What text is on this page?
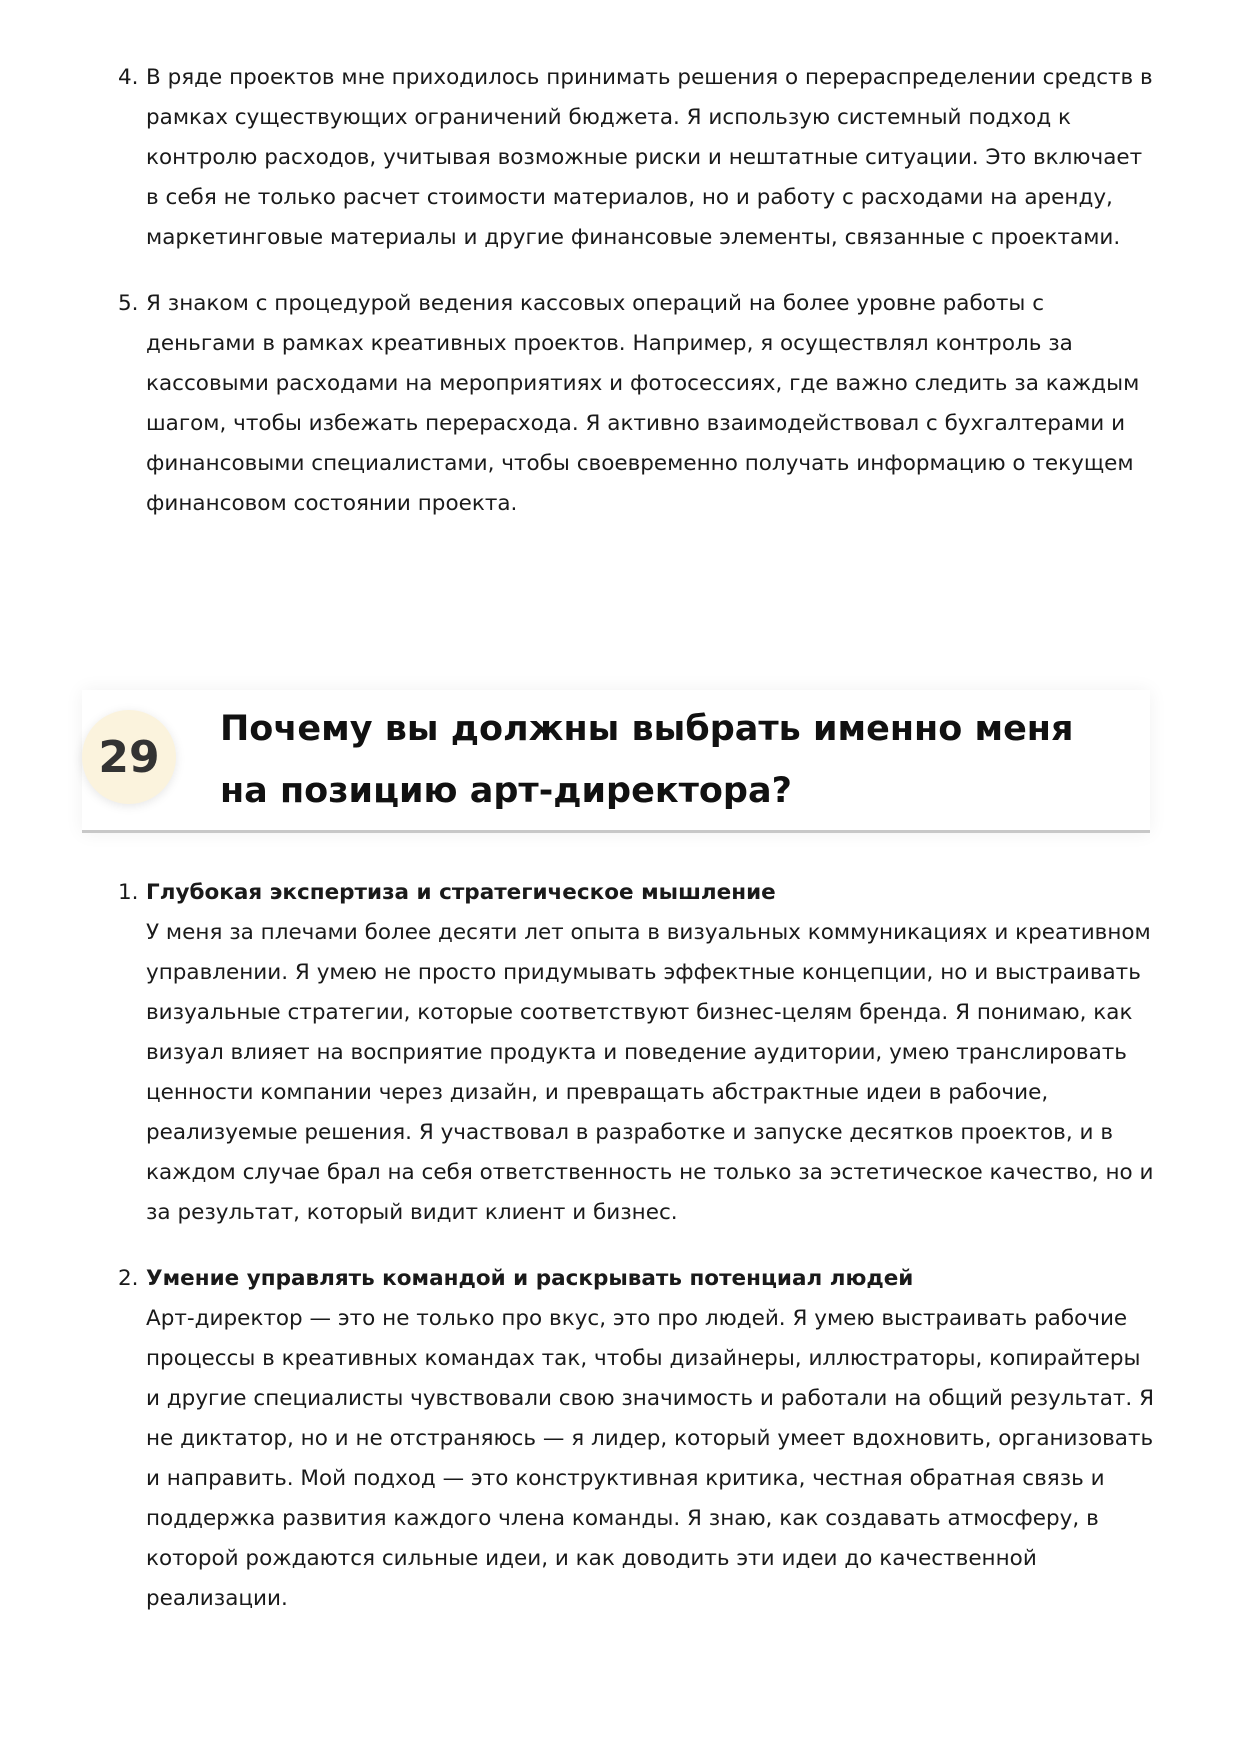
4. В ряде проектов мне приходилось принимать решения о перераспределении средств в рамках существующих ограничений бюджета. Я использую системный подход к контролю расходов, учитывая возможные риски и нештатные ситуации. Это включает в себя не только расчет стоимости материалов, но и работу с расходами на аренду, маркетинговые материалы и другие финансовые элементы, связанные с проектами.
5. Я знаком с процедурой ведения кассовых операций на более уровне работы с деньгами в рамках креативных проектов. Например, я осуществлял контроль за кассовыми расходами на мероприятиях и фотосессиях, где важно следить за каждым шагом, чтобы избежать перерасхода. Я активно взаимодействовал с бухгалтерами и финансовыми специалистами, чтобы своевременно получать информацию о текущем финансовом состоянии проекта.
29
Почему вы должны выбрать именно меня на позицию арт-директора?
1. Глубокая экспертиза и стратегическое мышление
У меня за плечами более десяти лет опыта в визуальных коммуникациях и креативном управлении. Я умею не просто придумывать эффектные концепции, но и выстраивать визуальные стратегии, которые соответствуют бизнес-целям бренда. Я понимаю, как визуал влияет на восприятие продукта и поведение аудитории, умею транслировать ценности компании через дизайн, и превращать абстрактные идеи в рабочие, реализуемые решения. Я участвовал в разработке и запуске десятков проектов, и в каждом случае брал на себя ответственность не только за эстетическое качество, но и за результат, который видит клиент и бизнес.
2. Умение управлять командой и раскрывать потенциал людей
Арт-директор — это не только про вкус, это про людей. Я умею выстраивать рабочие процессы в креативных командах так, чтобы дизайнеры, иллюстраторы, копирайтеры и другие специалисты чувствовали свою значимость и работали на общий результат. Я не диктатор, но и не отстраняюсь — я лидер, который умеет вдохновить, организовать и направить. Мой подход — это конструктивная критика, честная обратная связь и поддержка развития каждого члена команды. Я знаю, как создавать атмосферу, в которой рождаются сильные идеи, и как доводить эти идеи до качественной реализации.
